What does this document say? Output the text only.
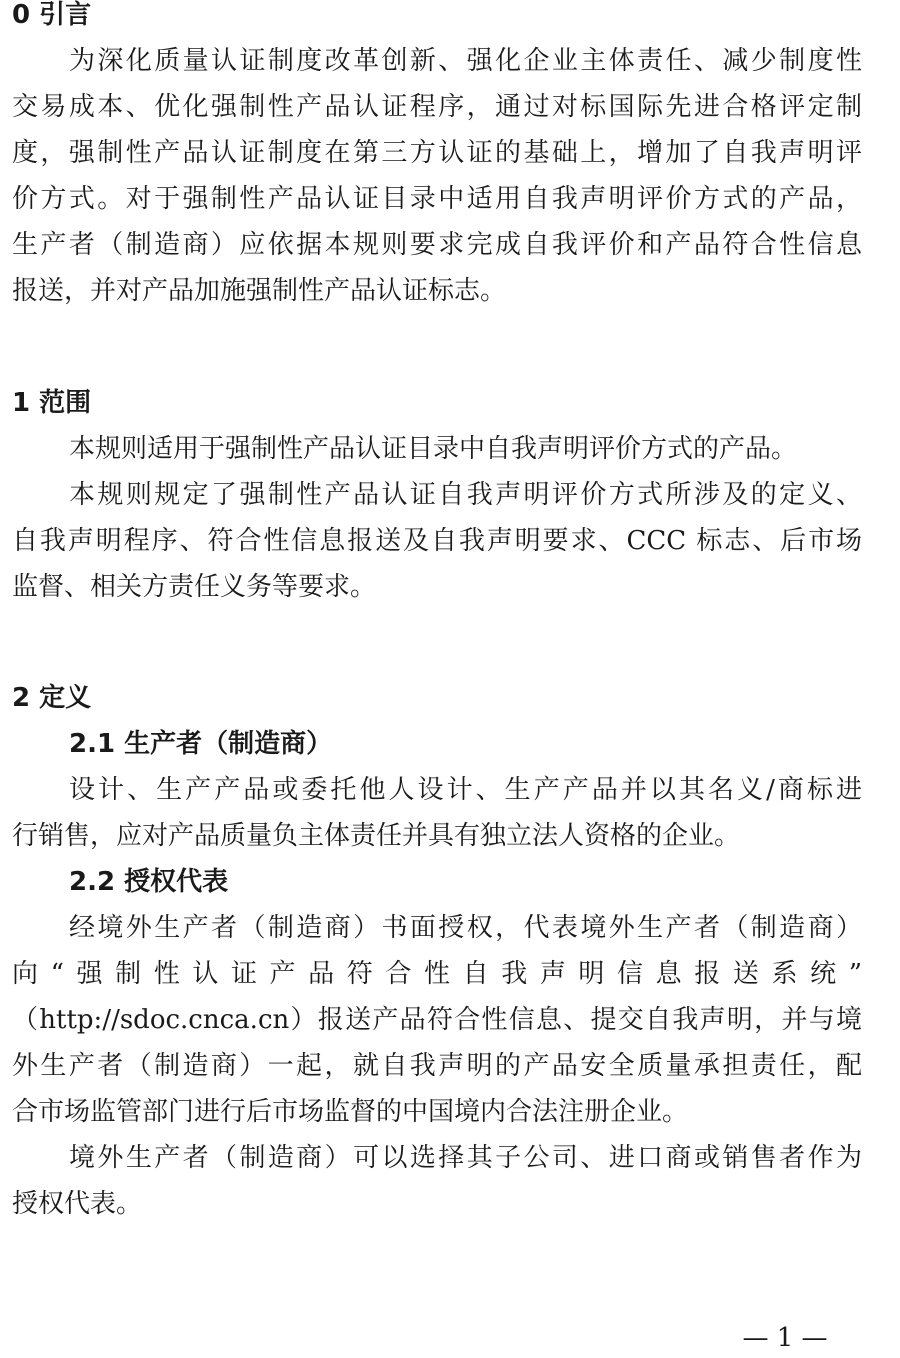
0 引言
为深化质量认证制度改革创新、强化企业主体责任、减少制度性
交易成本、优化强制性产品认证程序，通过对标国际先进合格评定制
度，强制性产品认证制度在第三方认证的基础上，增加了自我声明评
价方式。对于强制性产品认证目录中适用自我声明评价方式的产品，
生产者（制造商）应依据本规则要求完成自我评价和产品符合性信息
报送，并对产品加施强制性产品认证标志。
1 范围
本规则适用于强制性产品认证目录中自我声明评价方式的产品。
本规则规定了强制性产品认证自我声明评价方式所涉及的定义、
自我声明程序、符合性信息报送及自我声明要求、CCC 标志、后市场
监督、相关方责任义务等要求。
2 定义
2.1 生产者（制造商）
设计、生产产品或委托他人设计、生产产品并以其名义/商标进
行销售，应对产品质量负主体责任并具有独立法人资格的企业。
2.2 授权代表
经境外生产者（制造商）书面授权，代表境外生产者（制造商）
向“强制性认证产品符合性自我声明信息报送系统”
（http://sdoc.cnca.cn）报送产品符合性信息、提交自我声明，并与境
外生产者（制造商）一起，就自我声明的产品安全质量承担责任，配
合市场监管部门进行后市场监督的中国境内合法注册企业。
境外生产者（制造商）可以选择其子公司、进口商或销售者作为
授权代表。
— 1 —
